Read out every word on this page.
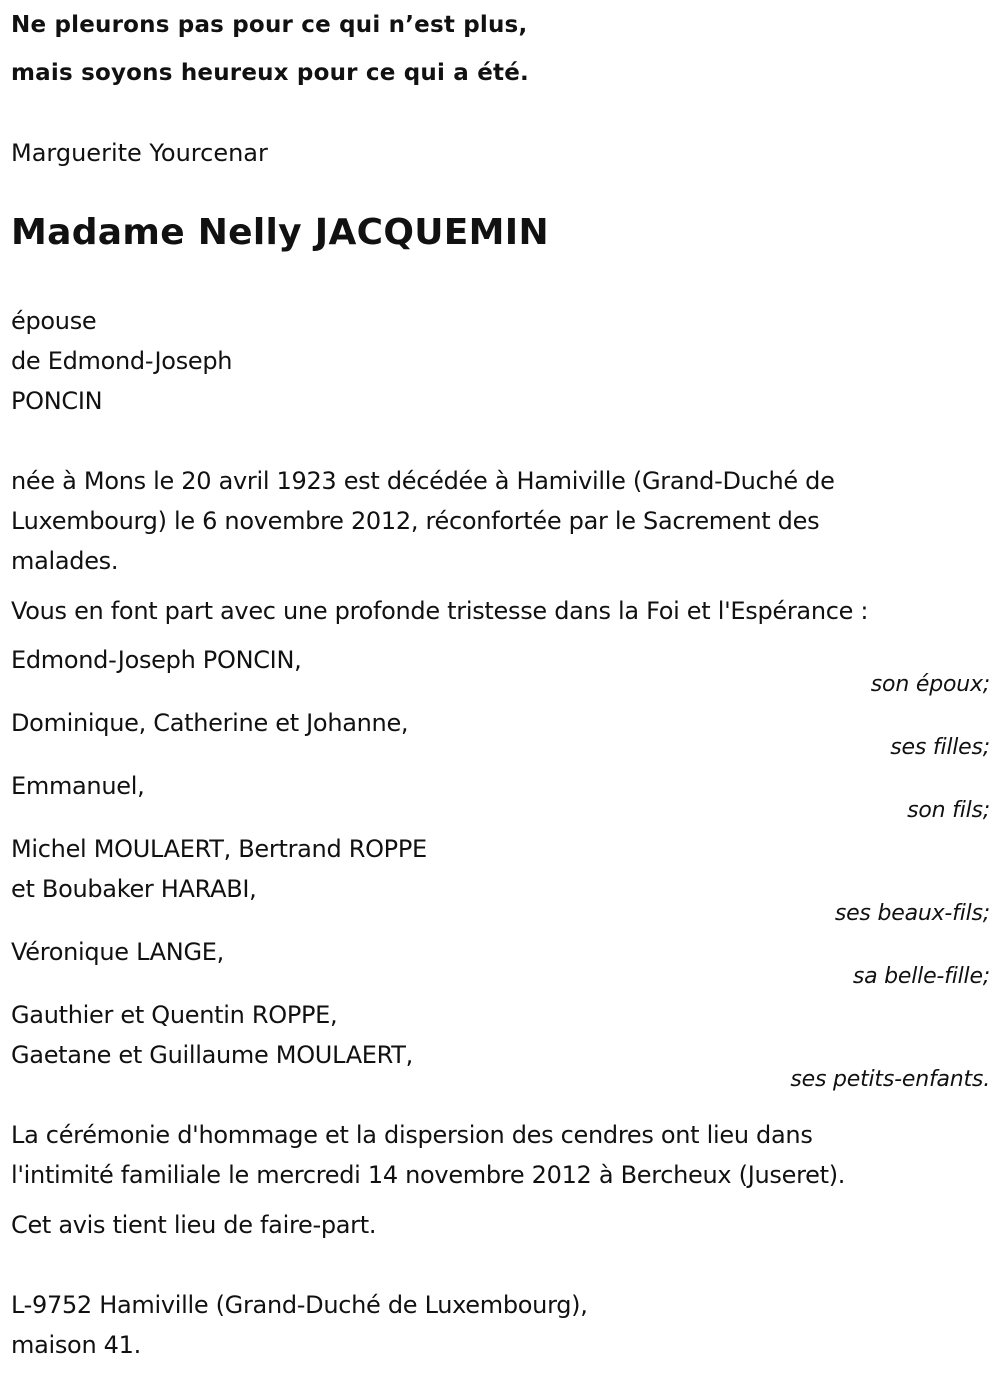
Ne pleurons pas pour ce qui n’est plus,
mais soyons heureux pour ce qui a été.
Marguerite Yourcenar
Madame Nelly JACQUEMIN
épouse
de Edmond-Joseph
PONCIN
née à Mons le 20 avril 1923 est décédée à Hamiville (Grand-Duché de
Luxembourg) le 6 novembre 2012, réconfortée par le Sacrement des
malades.
Vous en font part avec une profonde tristesse dans la Foi et l'Espérance :
Edmond-Joseph PONCIN,
son époux;
Dominique, Catherine et Johanne,
ses filles;
Emmanuel,
son fils;
Michel MOULAERT, Bertrand ROPPE
et Boubaker HARABI,
ses beaux-fils;
Véronique LANGE,
sa belle-fille;
Gauthier et Quentin ROPPE,
Gaetane et Guillaume MOULAERT,
ses petits-enfants.
La cérémonie d'hommage et la dispersion des cendres ont lieu dans
l'intimité familiale le mercredi 14 novembre 2012 à Bercheux (Juseret).
Cet avis tient lieu de faire-part.
L-9752 Hamiville (Grand-Duché de Luxembourg),
maison 41.
